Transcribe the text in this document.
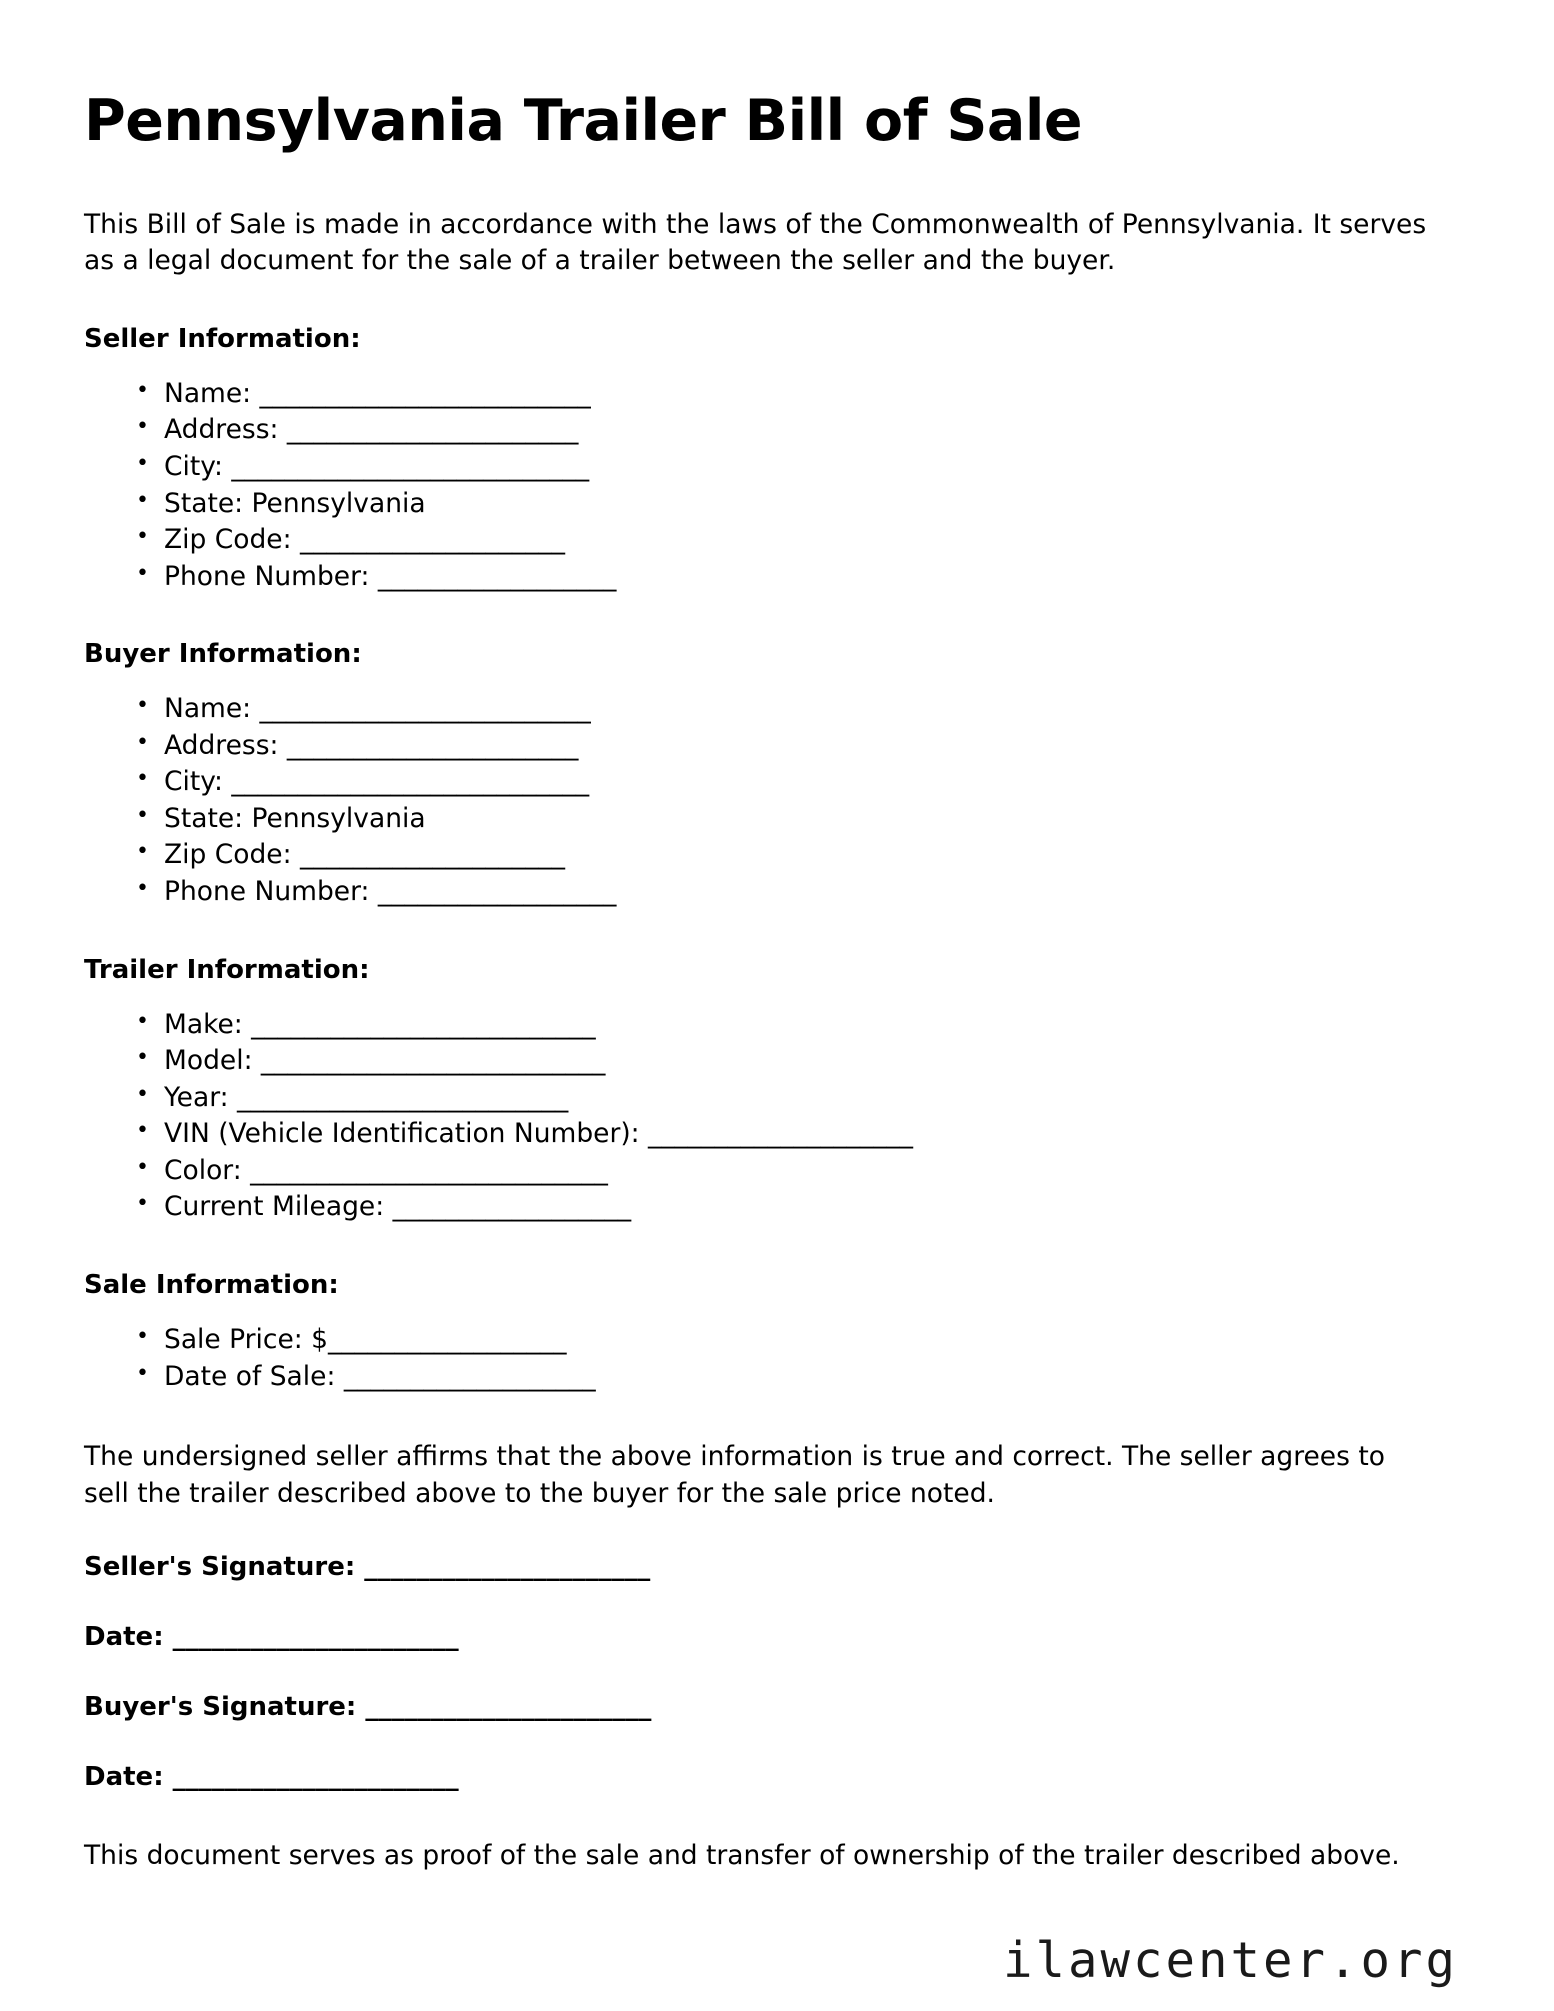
Pennsylvania Trailer Bill of Sale

This Bill of Sale is made in accordance with the laws of the Commonwealth of Pennsylvania. It serves as a legal document for the sale of a trailer between the seller and the buyer.

Seller Information:
• Name: _________________________
• Address: ______________________
• City: ___________________________
• State: Pennsylvania
• Zip Code: ____________________
• Phone Number: __________________
Buyer Information:
• Name: _________________________
• Address: ______________________
• City: ___________________________
• State: Pennsylvania
• Zip Code: ____________________
• Phone Number: __________________
Trailer Information:
• Make: __________________________
• Model: __________________________
• Year: _________________________
• VIN (Vehicle Identification Number): ____________________
• Color: ___________________________
• Current Mileage: __________________
Sale Information:
• Sale Price: $__________________
• Date of Sale: ___________________

The undersigned seller affirms that the above information is true and correct. The seller agrees to sell the trailer described above to the buyer for the sale price noted.

Seller's Signature: ______________________

Date: ______________________

Buyer's Signature: ______________________

Date: ______________________

This document serves as proof of the sale and transfer of ownership of the trailer described above.

ilawcenter.org
